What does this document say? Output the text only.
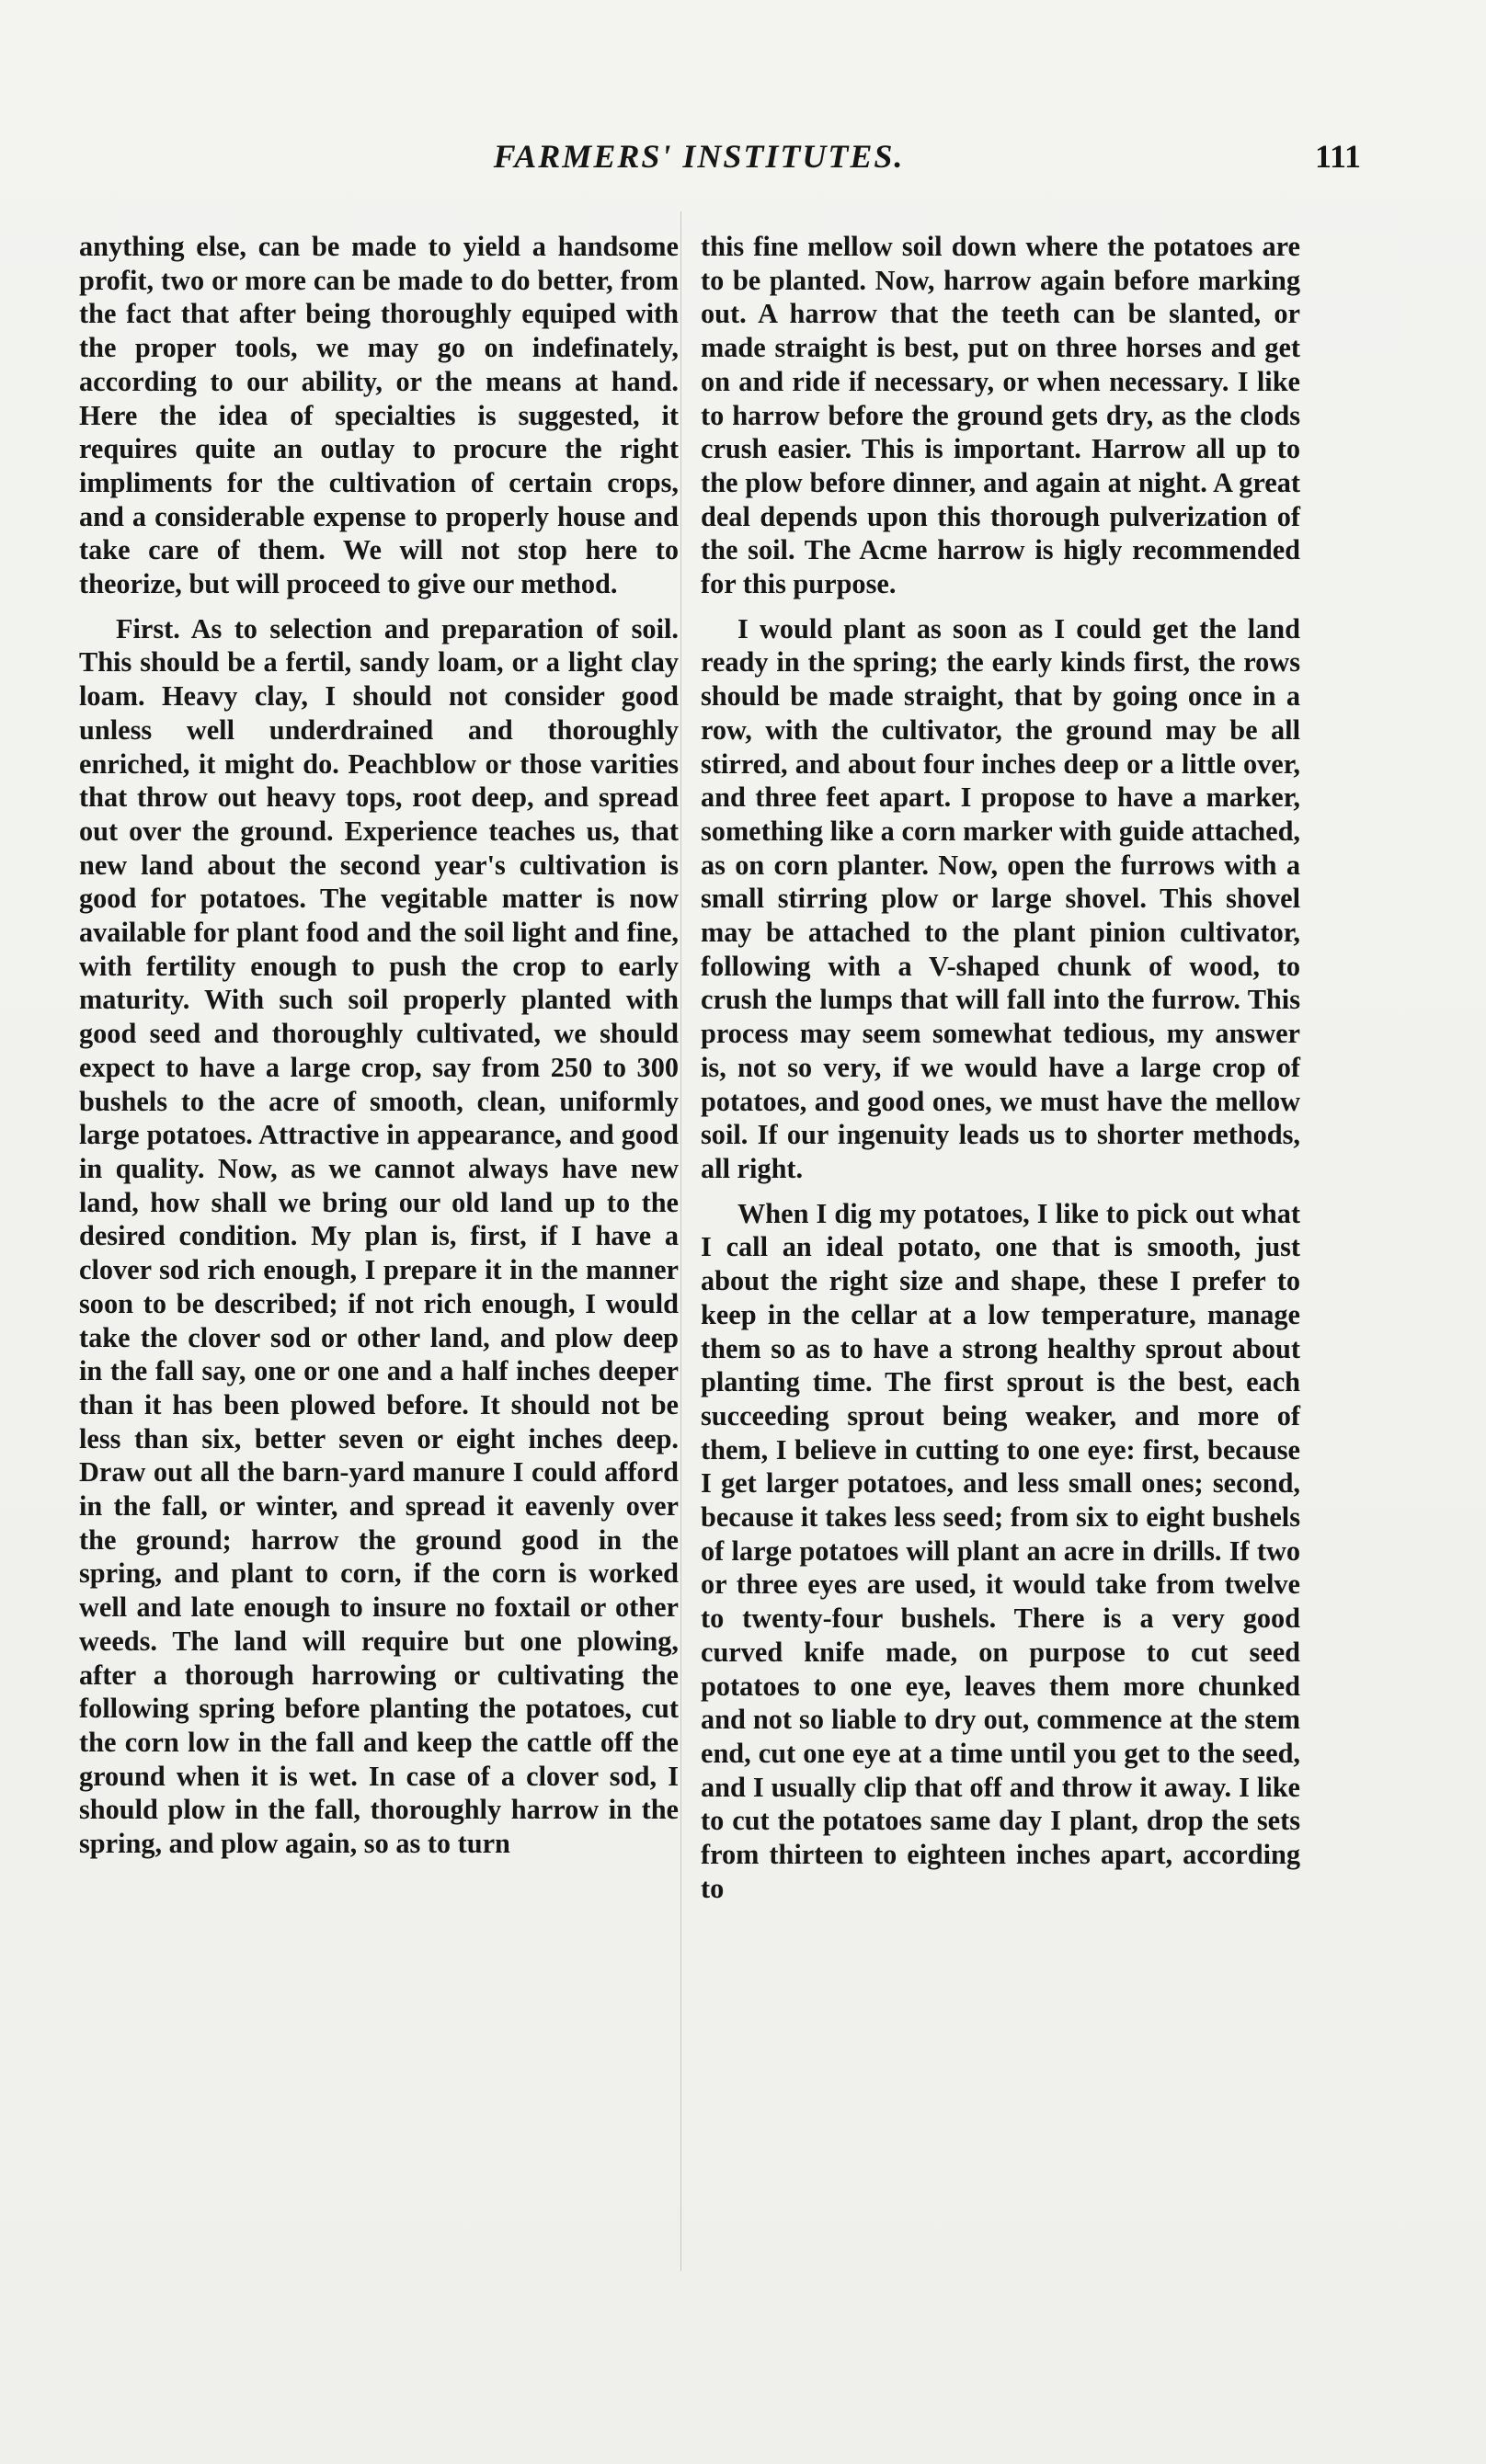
FARMERS' INSTITUTES.	111

anything else, can be made to yield a handsome profit, two or more can be made to do better, from the fact that after being thoroughly equiped with the proper tools, we may go on indefinately, according to our ability, or the means at hand. Here the idea of specialties is suggested, it requires quite an outlay to procure the right impliments for the cultivation of certain crops, and a considerable expense to properly house and take care of them. We will not stop here to theorize, but will proceed to give our method.

First. As to selection and preparation of soil. This should be a fertil, sandy loam, or a light clay loam. Heavy clay, I should not consider good unless well underdrained and thoroughly enriched, it might do. Peachblow or those varities that throw out heavy tops, root deep, and spread out over the ground. Experience teaches us, that new land about the second year's cultivation is good for potatoes. The vegitable matter is now available for plant food and the soil light and fine, with fertility enough to push the crop to early maturity. With such soil properly planted with good seed and thoroughly cultivated, we should expect to have a large crop, say from 250 to 300 bushels to the acre of smooth, clean, uniformly large potatoes. Attractive in appearance, and good in quality. Now, as we cannot always have new land, how shall we bring our old land up to the desired condition. My plan is, first, if I have a clover sod rich enough, I prepare it in the manner soon to be described; if not rich enough, I would take the clover sod or other land, and plow deep in the fall say, one or one and a half inches deeper than it has been plowed before. It should not be less than six, better seven or eight inches deep. Draw out all the barn-yard manure I could afford in the fall, or winter, and spread it eavenly over the ground; harrow the ground good in the spring, and plant to corn, if the corn is worked well and late enough to insure no foxtail or other weeds. The land will require but one plowing, after a thorough harrowing or cultivating the following spring before planting the potatoes, cut the corn low in the fall and keep the cattle off the ground when it is wet. In case of a clover sod, I should plow in the fall, thoroughly harrow in the spring, and plow again, so as to turn

this fine mellow soil down where the potatoes are to be planted. Now, harrow again before marking out. A harrow that the teeth can be slanted, or made straight is best, put on three horses and get on and ride if necessary, or when necessary. I like to harrow before the ground gets dry, as the clods crush easier. This is important. Harrow all up to the plow before dinner, and again at night. A great deal depends upon this thorough pulverization of the soil. The Acme harrow is higly recommended for this purpose.

I would plant as soon as I could get the land ready in the spring; the early kinds first, the rows should be made straight, that by going once in a row, with the cultivator, the ground may be all stirred, and about four inches deep or a little over, and three feet apart. I propose to have a marker, something like a corn marker with guide attached, as on corn planter. Now, open the furrows with a small stirring plow or large shovel. This shovel may be attached to the plant pinion cultivator, following with a V-shaped chunk of wood, to crush the lumps that will fall into the furrow. This process may seem somewhat tedious, my answer is, not so very, if we would have a large crop of potatoes, and good ones, we must have the mellow soil. If our ingenuity leads us to shorter methods, all right.

When I dig my potatoes, I like to pick out what I call an ideal potato, one that is smooth, just about the right size and shape, these I prefer to keep in the cellar at a low temperature, manage them so as to have a strong healthy sprout about planting time. The first sprout is the best, each succeeding sprout being weaker, and more of them, I believe in cutting to one eye: first, because I get larger potatoes, and less small ones; second, because it takes less seed; from six to eight bushels of large potatoes will plant an acre in drills. If two or three eyes are used, it would take from twelve to twenty-four bushels. There is a very good curved knife made, on purpose to cut seed potatoes to one eye, leaves them more chunked and not so liable to dry out, commence at the stem end, cut one eye at a time until you get to the seed, and I usually clip that off and throw it away. I like to cut the potatoes same day I plant, drop the sets from thirteen to eighteen inches apart, according to
